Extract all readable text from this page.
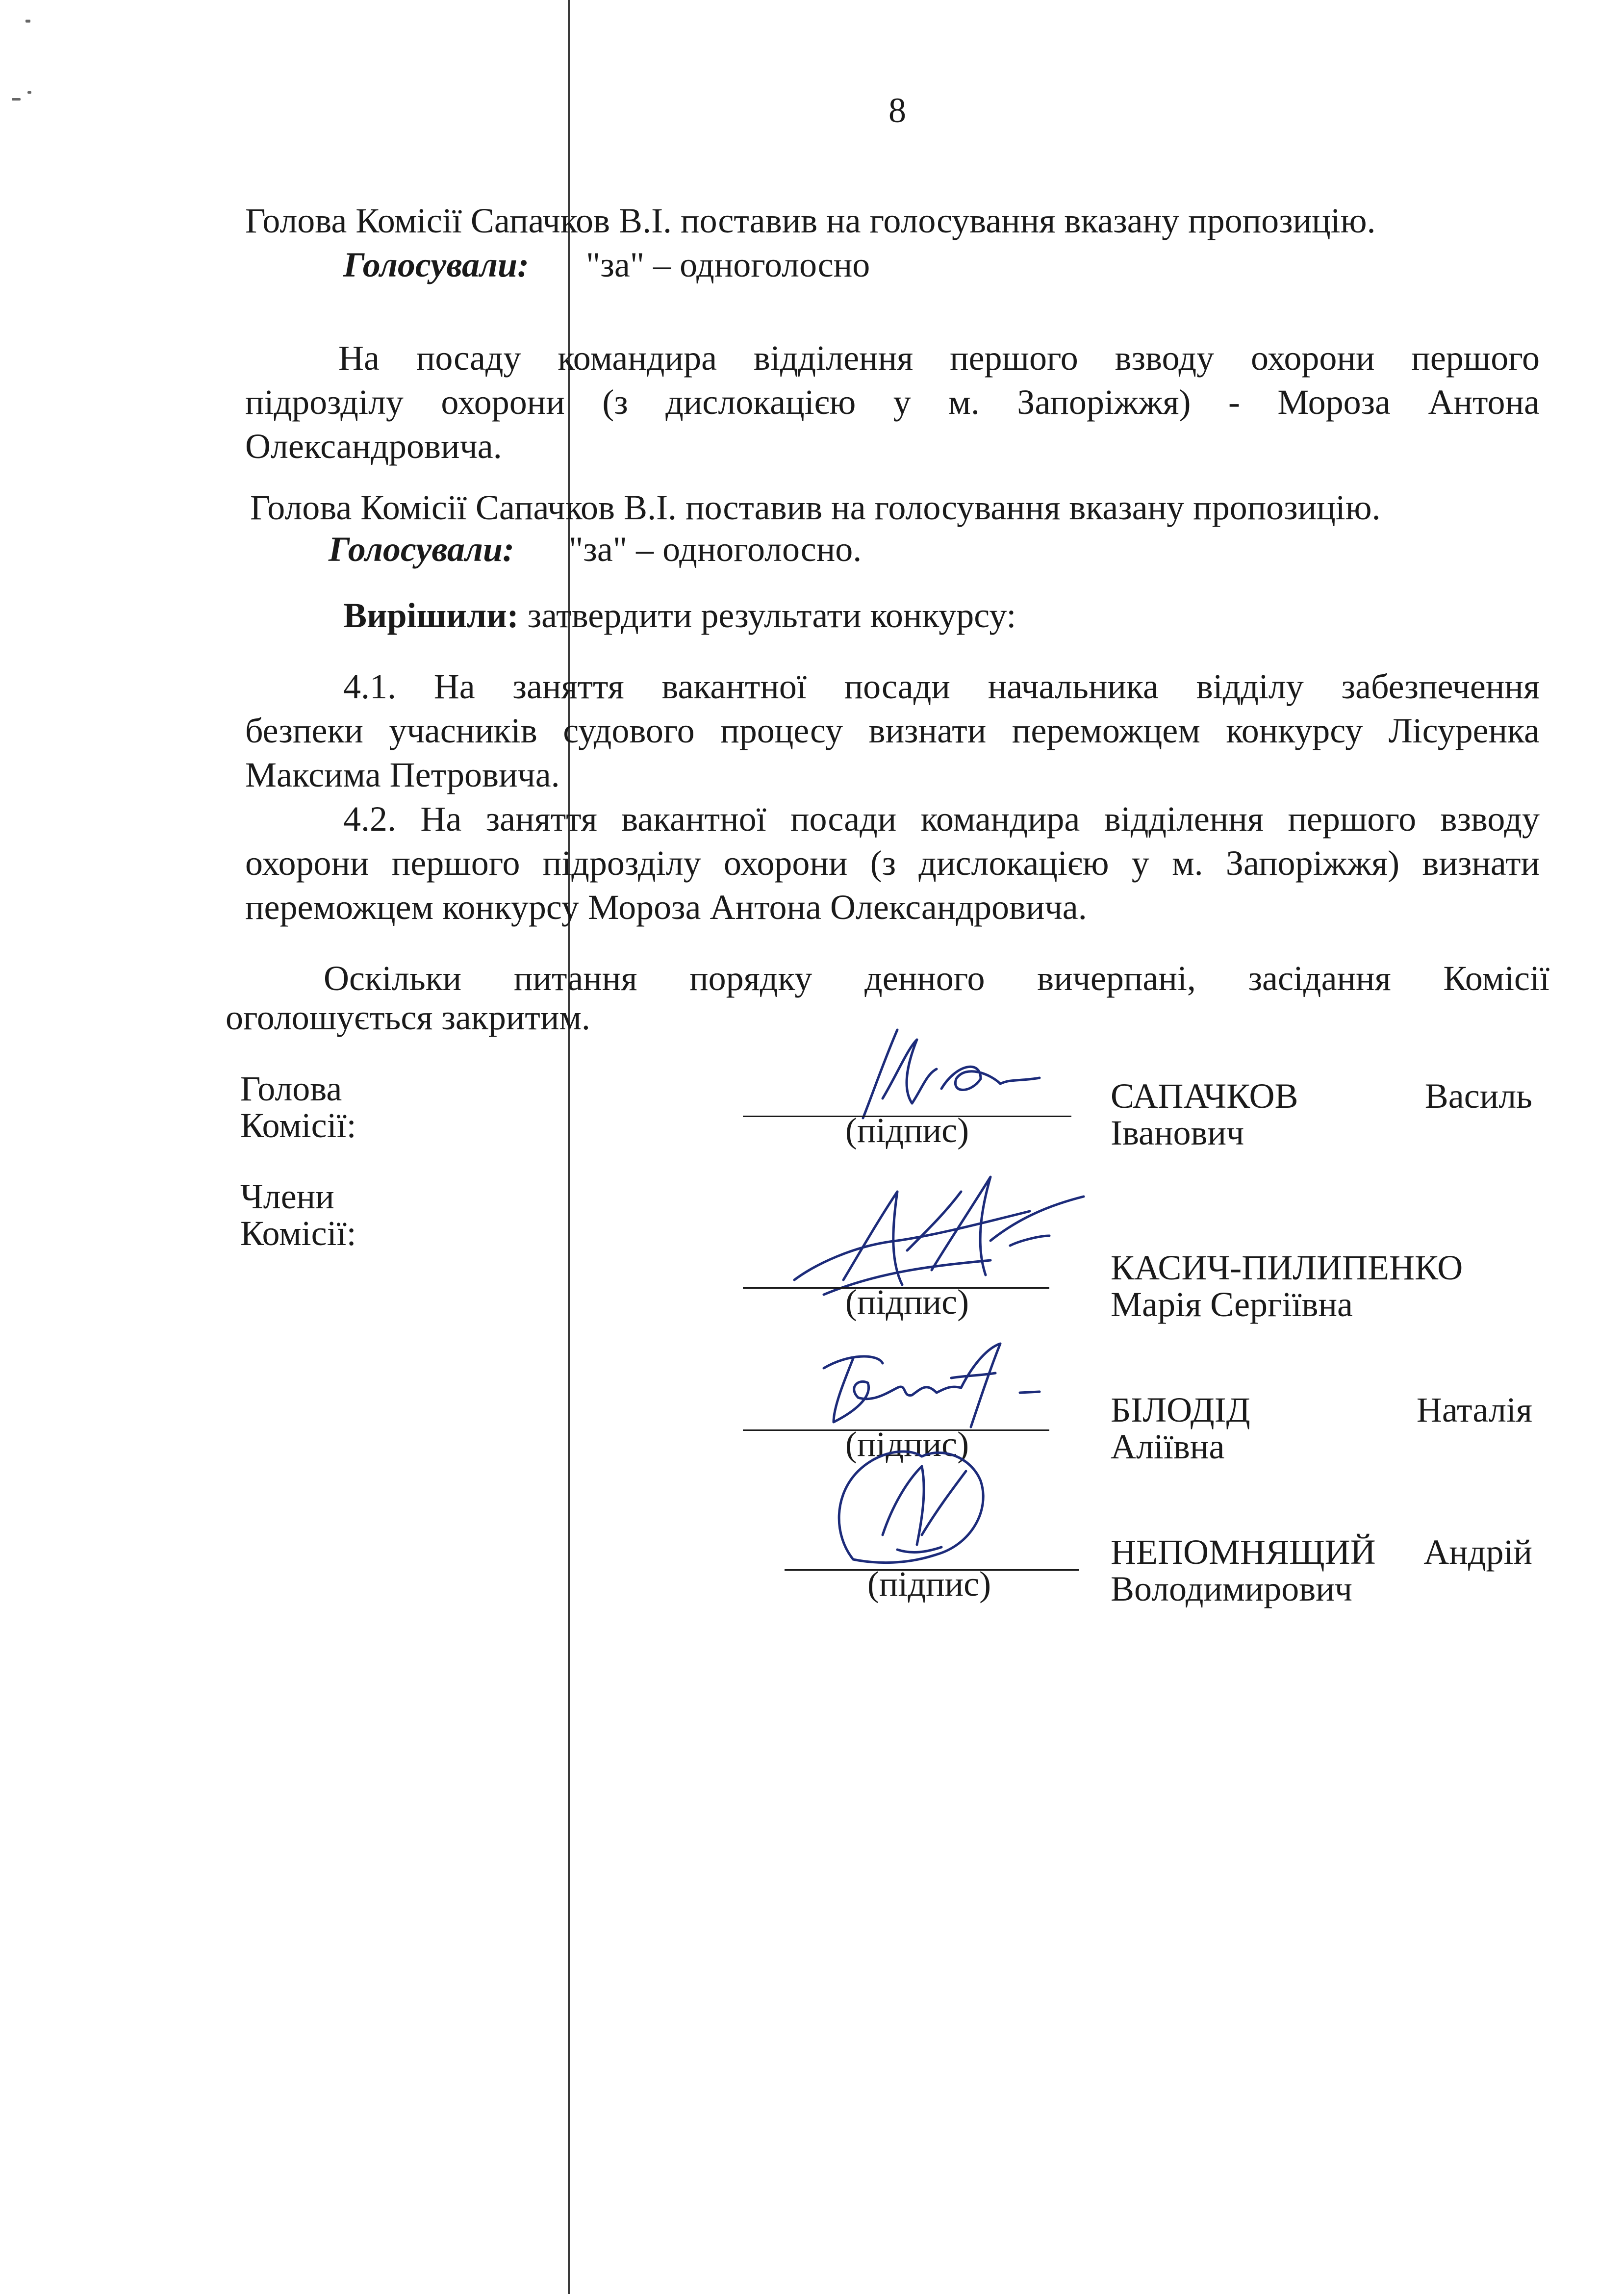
8
Голова Комісії Сапачков В.І. поставив на голосування вказану пропозицію.
Голосували: "за" – одноголосно
На посаду командира відділення першого взводу охорони першого
підрозділу охорони (з дислокацією у м. Запоріжжя) - Мороза Антона
Олександровича.
Голова Комісії Сапачков В.І. поставив на голосування вказану пропозицію.
Голосували: "за" – одноголосно.
Вирішили: затвердити результати конкурсу:
4.1. На заняття вакантної посади начальника відділу забезпечення
безпеки учасників судового процесу визнати переможцем конкурсу Лісуренка
Максима Петровича.
4.2. На заняття вакантної посади командира відділення першого взводу
охорони першого підрозділу охорони (з дислокацією у м. Запоріжжя) визнати
переможцем конкурсу Мороза Антона Олександровича.
Оскільки питання порядку денного вичерпані, засідання Комісії
оголошується закритим.
Голова
Комісії:
Члени
Комісії:
(підпис)
САПАЧКОВ	Василь
Іванович
(підпис)
КАСИЧ-ПИЛИПЕНКО
Марія Сергіївна
(підпис)
БІЛОДІД	Наталія
Аліївна
(підпис)
НЕПОМНЯЩИЙ Андрій
Володимирович
